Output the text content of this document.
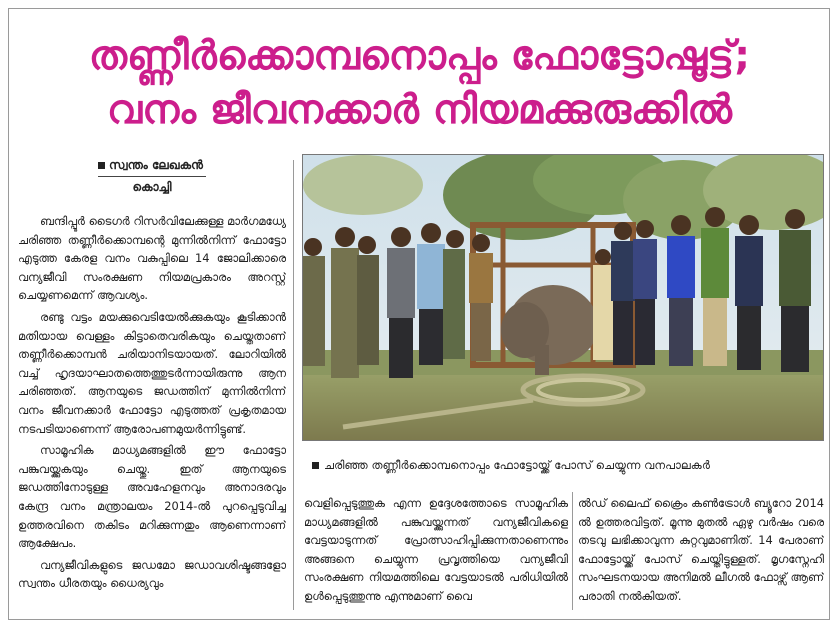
തണ്ണീർക്കൊമ്പനൊപ്പം ഫോട്ടോഷൂട്ട്;
വനം ജീവനക്കാർ നിയമക്കുരുക്കിൽ
സ്വന്തം ലേഖകൻ
കൊച്ചി

ബന്ദിപ്പൂർ ടൈഗർ റിസർവിലേക്കുള്ള മാർഗമധ്യേ ചരിഞ്ഞ തണ്ണീർക്കൊമ്പന്റെ മുന്നിൽനിന്ന് ഫോട്ടോ എടുത്ത കേരള വനം വകുപ്പിലെ 14 ജോലിക്കാരെ വന്യജീവി സംരക്ഷണ നിയമപ്രകാരം അറസ്റ്റ് ചെയ്യണമെന്ന് ആവശ്യം.

രണ്ടു വട്ടം മയക്കുവെടിയേൽക്കുകയും കൂടിക്കാൻ മതിയായ വെള്ളം കിട്ടാതെവരികയും ചെയ്തതാണ് തണ്ണീർക്കൊമ്പൻ ചരിയാനിടയായത്. ലോറിയിൽ വച്ച് ഹൃദയാഘാതത്തെത്തുടർന്നായിരുന്നു ആന ചരിഞ്ഞത്. ആനയുടെ ജഡത്തിന് മുന്നിൽനിന്ന് വനം ജീവനക്കാർ ഫോട്ടോ എടുത്തത് പ്രകൃതമായ നടപടിയാണെന്ന് ആരോപണമുയർന്നിട്ടുണ്ട്.

സാമൂഹിക മാധ്യമങ്ങളിൽ ഈ ഫോട്ടോ പങ്കുവയ്ക്കുകയും ചെയ്തു. ഇത് ആനയുടെ ജഡത്തിനോടുള്ള അവഹേളനവും അനാദരവും കേന്ദ്ര വനം മന്ത്രാലയം 2014-ൽ പുറപ്പെടുവിച്ച ഉത്തരവിനെ തകിടം മറിക്കുന്നതും ആണെന്നാണ് ആക്ഷേപം.

വന്യജീവികളുടെ ജഡമോ ജഡാവശിഷ്ടങ്ങളോ സ്വന്തം ധീരതയും ധൈര്യവും

ചരിഞ്ഞ തണ്ണീർക്കൊമ്പനൊപ്പം ഫോട്ടോയ്ക്ക് പോസ് ചെയ്യുന്ന വനപാലകർ

വെളിപ്പെടുത്തുക എന്ന ഉദ്ദേശത്തോടെ സാമൂഹിക മാധ്യമങ്ങളിൽ പങ്കുവയ്ക്കുന്നത് വന്യജീവികളെ വേട്ടയാടുന്നത് പ്രോത്സാഹിപ്പിക്കുന്നതാണെന്നും അങ്ങനെ ചെയ്യുന്ന പ്രവൃത്തിയെ വന്യജീവി സംരക്ഷണ നിയമത്തിലെ വേട്ടയാടൽ പരിധിയിൽ ഉൾപ്പെടുത്തുന്നു എന്നുമാണ് വൈ

ൽഡ് ലൈഫ് ക്രൈം കൺട്രോൾ ബ്യൂറോ 2014 ൽ ഉത്തരവിട്ടത്. മൂന്നു മുതൽ ഏഴു വർഷം വരെ തടവു ലഭിക്കാവുന്ന കുറ്റവുമാണിത്. 14 പേരാണ് ഫോട്ടോയ്ക്ക് പോസ് ചെയ്തിട്ടുള്ളത്. മൃഗസ്നേഹി സംഘടനയായ അനിമൽ ലീഗൽ ഫോഴ്സ് ആണ് പരാതി നൽകിയത്.
